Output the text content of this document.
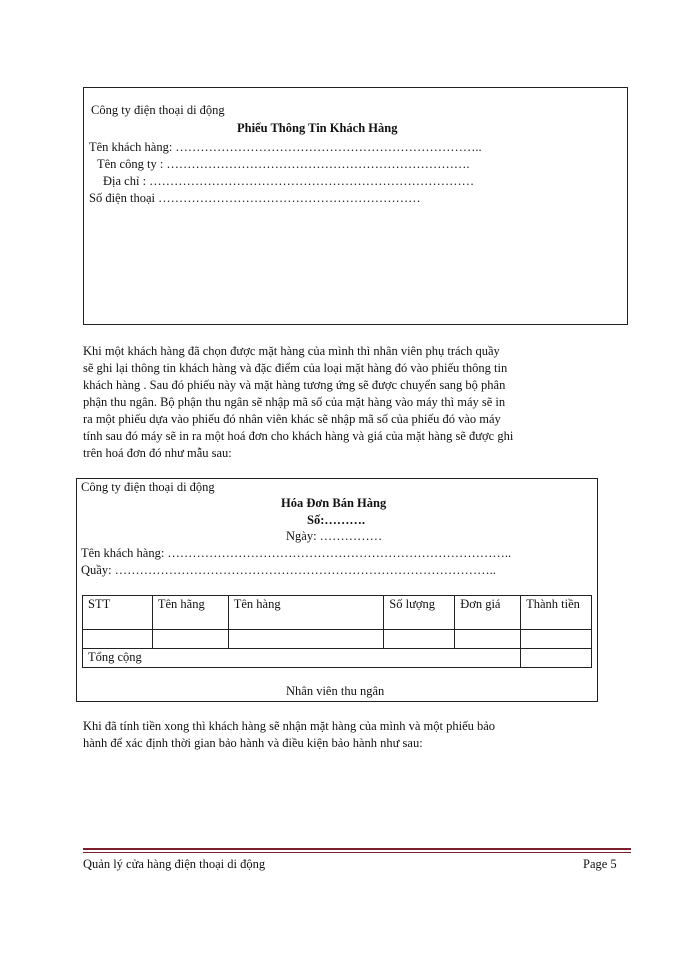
Công ty điện thoại di động
Phiếu Thông Tin Khách Hàng
Tên khách hàng: ………………………………………………………………..
Tên công ty : ……………………………………………………………….
Địa chỉ : ……………………………………………………………………
Số điện thoại ………………………………………………………

Khi một khách hàng đã chọn được mặt hàng của mình thì nhân viên phụ trách quầy

sẽ ghi lại thông tin khách hàng và đặc điểm của loại mặt hàng đó vào phiếu thông tin

khách hàng . Sau đó phiếu này và mặt hàng tương ứng sẽ được chuyển sang bộ phân

phận thu ngân. Bộ phận thu ngân sẽ nhập mã số của mặt hàng vào máy thì máy sẽ in

ra một phiếu dựa vào phiếu đó nhân viên khác sẽ nhập mã số của phiếu đó vào máy

tính sau đó máy sẽ in ra một hoá đơn cho khách hàng và giá của mặt hàng sẽ được ghi

trên hoá đơn đó như mẫu sau:

Công ty điện thoại di động
Hóa Đơn Bán Hàng
Số:……….
Ngày: ……………
Tên khách hàng: ………………………………………………………………………..
Quầy: ………………………………………………………………………………..
STT	Tên hãng	Tên hàng	Số lượng	Đơn giá	Thành tiền

Tổng cộng					
Nhân viên thu ngân

Khi đã tính tiền xong thì khách hàng sẽ nhận mặt hàng của mình và một phiếu bảo

hành để xác định thời gian bảo hành và điều kiện bảo hành như sau:

Quản lý cửa hàng điện thoại di động	Page 5
